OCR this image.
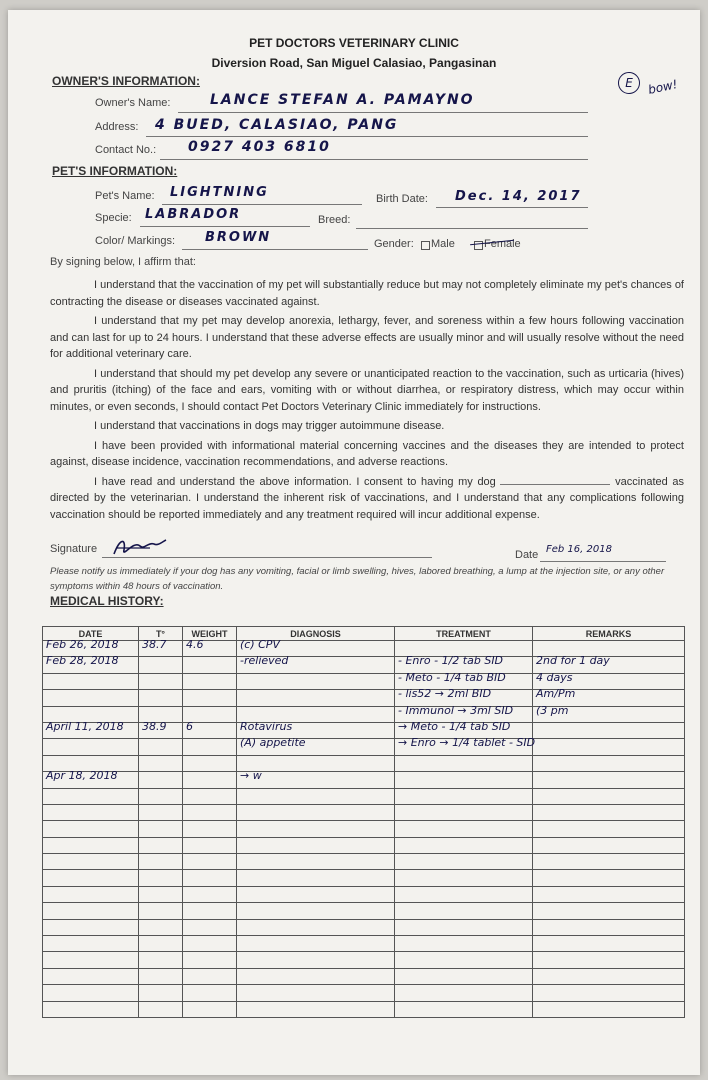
PET DOCTORS VETERINARY CLINIC
Diversion Road, San Miguel Calasiao, Pangasinan
E	bow!
OWNER'S INFORMATION:
Owner's Name:	LANCE STEFAN A. PAMAYNO
Address: 4 BUED, CALASIAO, PANG
Contact No.: 0927 403 6810
PET'S INFORMATION:
Pet's Name: LIGHTNING	Birth Date: Dec. 14, 2017
Specie: LABRADOR	Breed:
Color/ Markings: BROWN	Gender: Male	Female
By signing below, I affirm that:

I understand that the vaccination of my pet will substantially reduce but may not completely eliminate my pet's chances of contracting the disease or diseases vaccinated against.

I understand that my pet may develop anorexia, lethargy, fever, and soreness within a few hours following vaccination and can last for up to 24 hours. I understand that these adverse effects are usually minor and will usually resolve without the need for additional veterinary care.

I understand that should my pet develop any severe or unanticipated reaction to the vaccination, such as urticaria (hives) and pruritis (itching) of the face and ears, vomiting with or without diarrhea, or respiratory distress, which may occur within minutes, or even seconds, I should contact Pet Doctors Veterinary Clinic immediately for instructions.

I understand that vaccinations in dogs may trigger autoimmune disease.

I have been provided with informational material concerning vaccines and the diseases they are intended to protect against, disease incidence, vaccination recommendations, and adverse reactions.

I have read and understand the above information. I consent to having my dog	vaccinated as directed by the veterinarian. I understand the inherent risk of vaccinations, and I understand that any complications following vaccination should be reported immediately and any treatment required will incur additional expense.

Signature	Date Feb 16, 2018
Please notify us immediately if your dog has any vomiting, facial or limb swelling, hives, labored breathing, a lump at the injection site, or any other symptoms within 48 hours of vaccination.
MEDICAL HISTORY:
DATE	T°	WEIGHT	DIAGNOSIS	TREATMENT	REMARKS

Feb 26, 2018	38.7	4.6	(c) CPV		

Feb 28, 2018			-relieved	- Enro - 1/2 tab SID	2nd for 1 day

				- Meto - 1/4 tab BID	4 days

				- lis52 → 2ml BID	Am/Pm

				- Immunol → 3ml SID	(3 pm

April 11, 2018	38.9	6	Rotavirus	→ Meto - 1/4 tab SID	

			(A) appetite	→ Enro → 1/4 tablet - SID	

Apr 18, 2018			→ w		
